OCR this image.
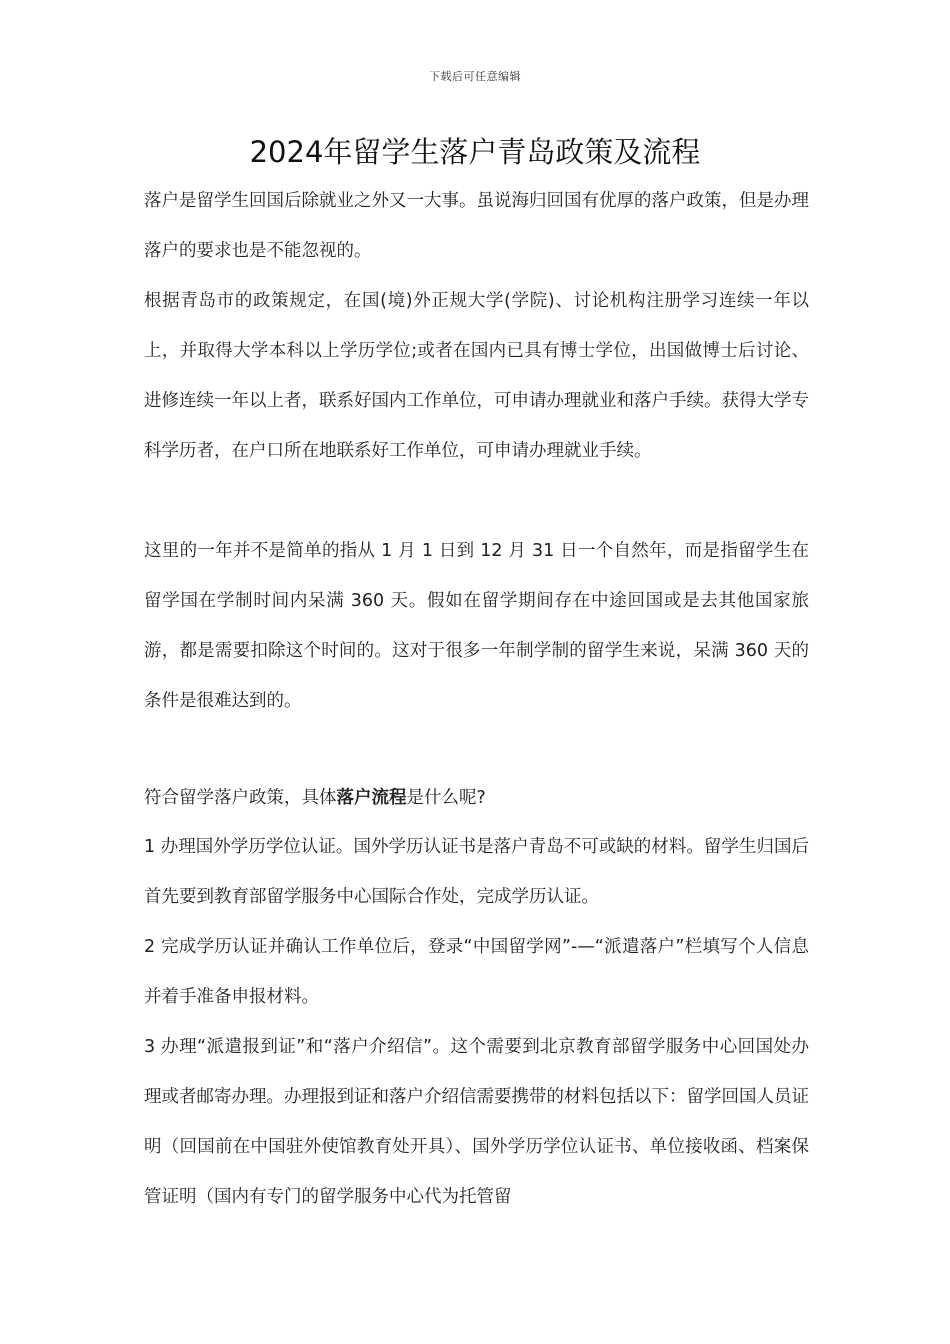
下载后可任意编辑
2024年留学生落户青岛政策及流程

落户是留学生回国后除就业之外又一大事。虽说海归回国有优厚的落户政策，但是办理落户的要求也是不能忽视的。

根据青岛市的政策规定，在国(境)外正规大学(学院)、讨论机构注册学习连续一年以上，并取得大学本科以上学历学位;或者在国内已具有博士学位，出国做博士后讨论、进修连续一年以上者，联系好国内工作单位，可申请办理就业和落户手续。获得大学专科学历者，在户口所在地联系好工作单位，可申请办理就业手续。

这里的一年并不是简单的指从 1 月 1 日到 12 月 31 日一个自然年，而是指留学生在留学国在学制时间内呆满 360 天。假如在留学期间存在中途回国或是去其他国家旅游，都是需要扣除这个时间的。这对于很多一年制学制的留学生来说，呆满 360 天的条件是很难达到的。

符合留学落户政策，具体落户流程是什么呢?

1 办理国外学历学位认证。国外学历认证书是落户青岛不可或缺的材料。留学生归国后首先要到教育部留学服务中心国际合作处，完成学历认证。

2 完成学历认证并确认工作单位后，登录“中国留学网”-—“派遣落户”栏填写个人信息并着手准备申报材料。

3 办理“派遣报到证”和“落户介绍信”。这个需要到北京教育部留学服务中心回国处办理或者邮寄办理。办理报到证和落户介绍信需要携带的材料包括以下：留学回国人员证明（回国前在中国驻外使馆教育处开具）、国外学历学位认证书、单位接收函、档案保管证明（国内有专门的留学服务中心代为托管留
